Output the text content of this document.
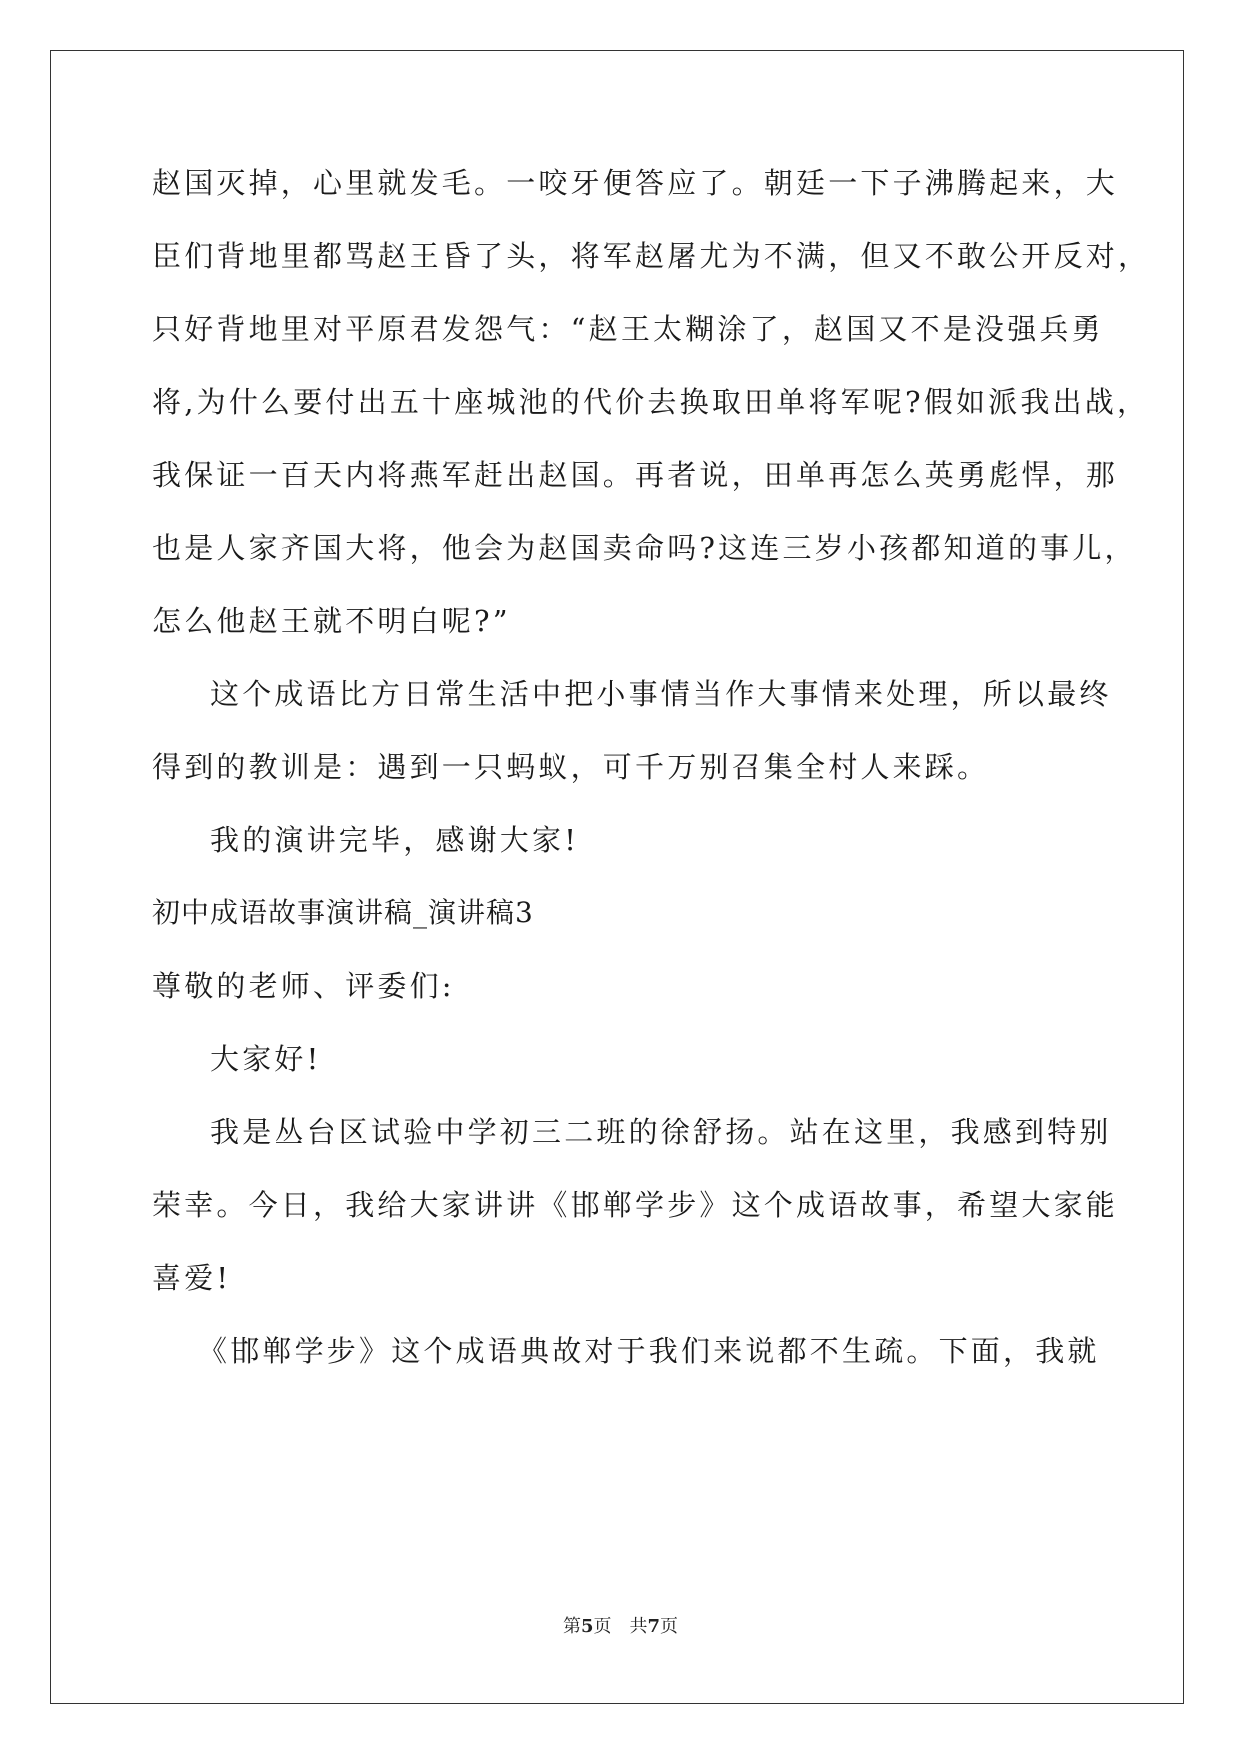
赵国灭掉，心里就发毛。一咬牙便答应了。朝廷一下子沸腾起来，大
臣们背地里都骂赵王昏了头，将军赵屠尤为不满，但又不敢公开反对，
只好背地里对平原君发怨气：“赵王太糊涂了，赵国又不是没强兵勇
将,为什么要付出五十座城池的代价去换取田单将军呢?假如派我出战，
我保证一百天内将燕军赶出赵国。再者说，田单再怎么英勇彪悍，那
也是人家齐国大将，他会为赵国卖命吗?这连三岁小孩都知道的事儿，
怎么他赵王就不明白呢?”
这个成语比方日常生活中把小事情当作大事情来处理，所以最终
得到的教训是：遇到一只蚂蚁，可千万别召集全村人来踩。
我的演讲完毕，感谢大家!
初中成语故事演讲稿_演讲稿3
尊敬的老师、评委们:
大家好!
我是丛台区试验中学初三二班的徐舒扬。站在这里，我感到特别
荣幸。今日，我给大家讲讲《邯郸学步》这个成语故事，希望大家能
喜爱!
《邯郸学步》这个成语典故对于我们来说都不生疏。下面，我就
第5页 共7页
